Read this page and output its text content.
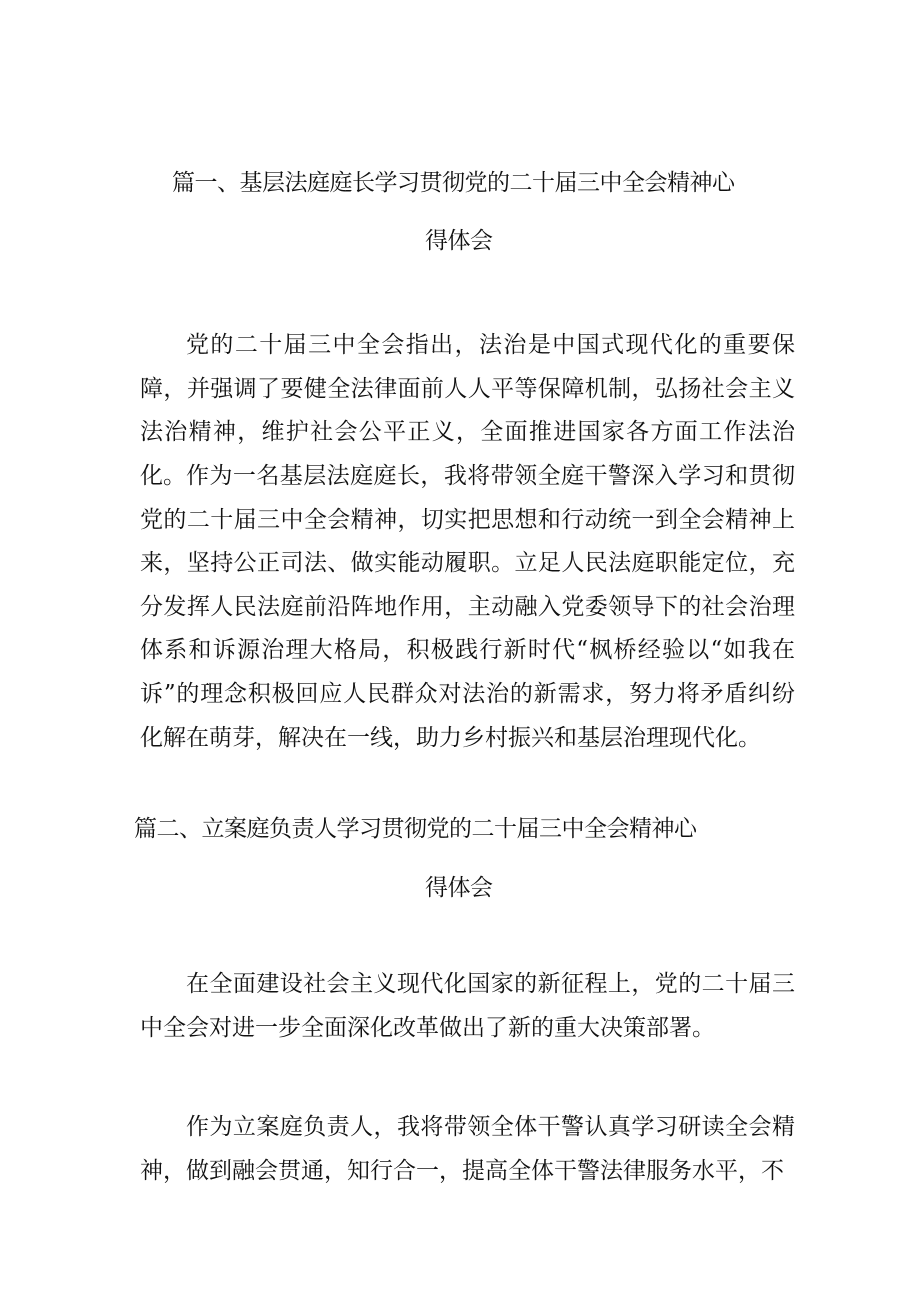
篇一、基层法庭庭长学习贯彻党的二十届三中全会精神心
得体会

党的二十届三中全会指出，法治是中国式现代化的重要保障，并强调了要健全法律面前人人平等保障机制，弘扬社会主义法治精神，维护社会公平正义，全面推进国家各方面工作法治化。 作为一名基层法庭庭长，我将带领全庭干警深入学习和贯彻党的二十届三中全会精神，切实把思想和行动统一到全会精神上来，坚持公正司法、做实能动履职。立足人民法庭职能定位，充分发挥人民法庭前沿阵地作用，主动融入党委领导下的社会治理体系和诉源治理大格局，积极践行新时代“枫桥经验以“如我在诉”的理念积极回应人民群众对法治的新需求，努力将矛盾纠纷化解在萌芽，解决在一线，助力乡村振兴和基层治理现代化。

篇二、立案庭负责人学习贯彻党的二十届三中全会精神心
得体会

在全面建设社会主义现代化国家的新征程上，党的二十届三中全会对进一步全面深化改革做出了新的重大决策部署。

作为立案庭负责人，我将带领全体干警认真学习研读全会精神，做到融会贯通，知行合一，提高全体干警法律服务水平，不
